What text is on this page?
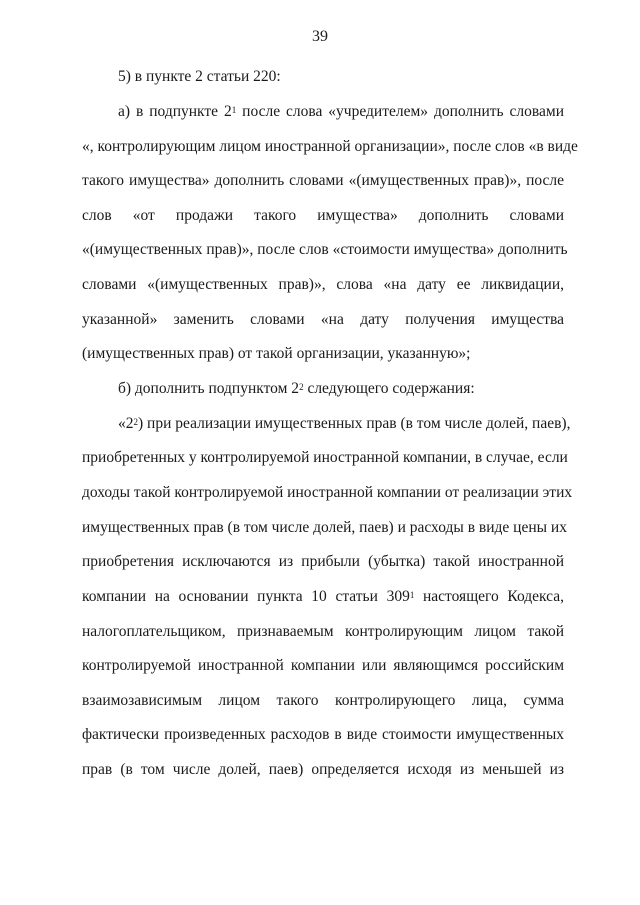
39
5) в пункте 2 статьи 220:
а) в подпункте $2^1$ после слова «учредителем» дополнить словами
«, контролирующим лицом иностранной организации», после слов «в виде
такого имущества» дополнить словами «(имущественных прав)», после
слов «от продажи такого имущества» дополнить словами
«(имущественных прав)», после слов «стоимости имущества» дополнить
словами «(имущественных прав)», слова «на дату ее ликвидации,
указанной» заменить словами «на дату получения имущества
(имущественных прав) от такой организации, указанную»;
б) дополнить подпунктом $2^2$ следующего содержания:
«$2^2$) при реализации имущественных прав (в том числе долей, паев),
приобретенных у контролируемой иностранной компании, в случае, если
доходы такой контролируемой иностранной компании от реализации этих
имущественных прав (в том числе долей, паев) и расходы в виде цены их
приобретения исключаются из прибыли (убытка) такой иностранной
компании на основании пункта 10 статьи $309^1$ настоящего Кодекса,
налогоплательщиком, признаваемым контролирующим лицом такой
контролируемой иностранной компании или являющимся российским
взаимозависимым лицом такого контролирующего лица, сумма
фактически произведенных расходов в виде стоимости имущественных
прав (в том числе долей, паев) определяется исходя из меньшей из
